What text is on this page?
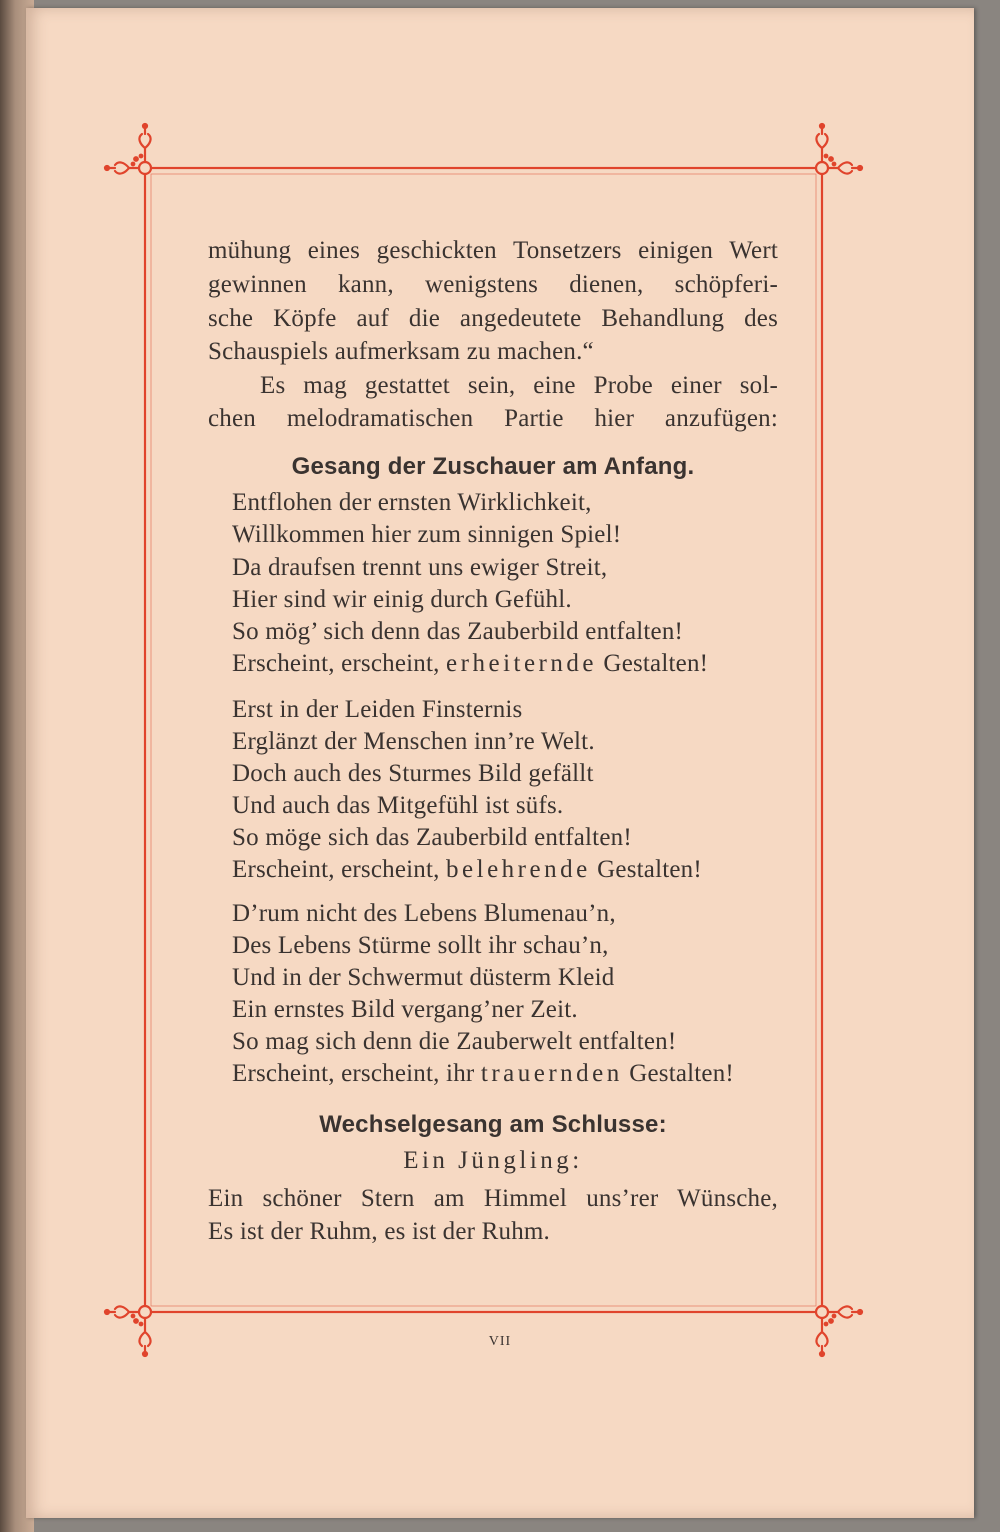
mühung eines geschickten Tonsetzers einigen Wert

gewinnen kann, wenigstens dienen, schöpferi-

sche Köpfe auf die angedeutete Behandlung des

Schauspiels aufmerksam zu machen.“

Es mag gestattet sein, eine Probe einer sol-

chen melodramatischen Partie hier anzufügen:

Gesang der Zuschauer am Anfang.

Entflohen der ernsten Wirklichkeit,

Willkommen hier zum sinnigen Spiel!

Da draufsen trennt uns ewiger Streit,

Hier sind wir einig durch Gefühl.

So mög’ sich denn das Zauberbild entfalten!

Erscheint, erscheint, erheiternde Gestalten!

Erst in der Leiden Finsternis

Erglänzt der Menschen inn’re Welt.

Doch auch des Sturmes Bild gefällt

Und auch das Mitgefühl ist süfs.

So möge sich das Zauberbild entfalten!

Erscheint, erscheint, belehrende Gestalten!

D’rum nicht des Lebens Blumenau’n,

Des Lebens Stürme sollt ihr schau’n,

Und in der Schwermut düsterm Kleid

Ein ernstes Bild vergang’ner Zeit.

So mag sich denn die Zauberwelt entfalten!

Erscheint, erscheint, ihr trauernden Gestalten!

Wechselgesang am Schlusse:

Ein Jüngling:

Ein schöner Stern am Himmel uns’rer Wünsche,

Es ist der Ruhm, es ist der Ruhm.

VII
